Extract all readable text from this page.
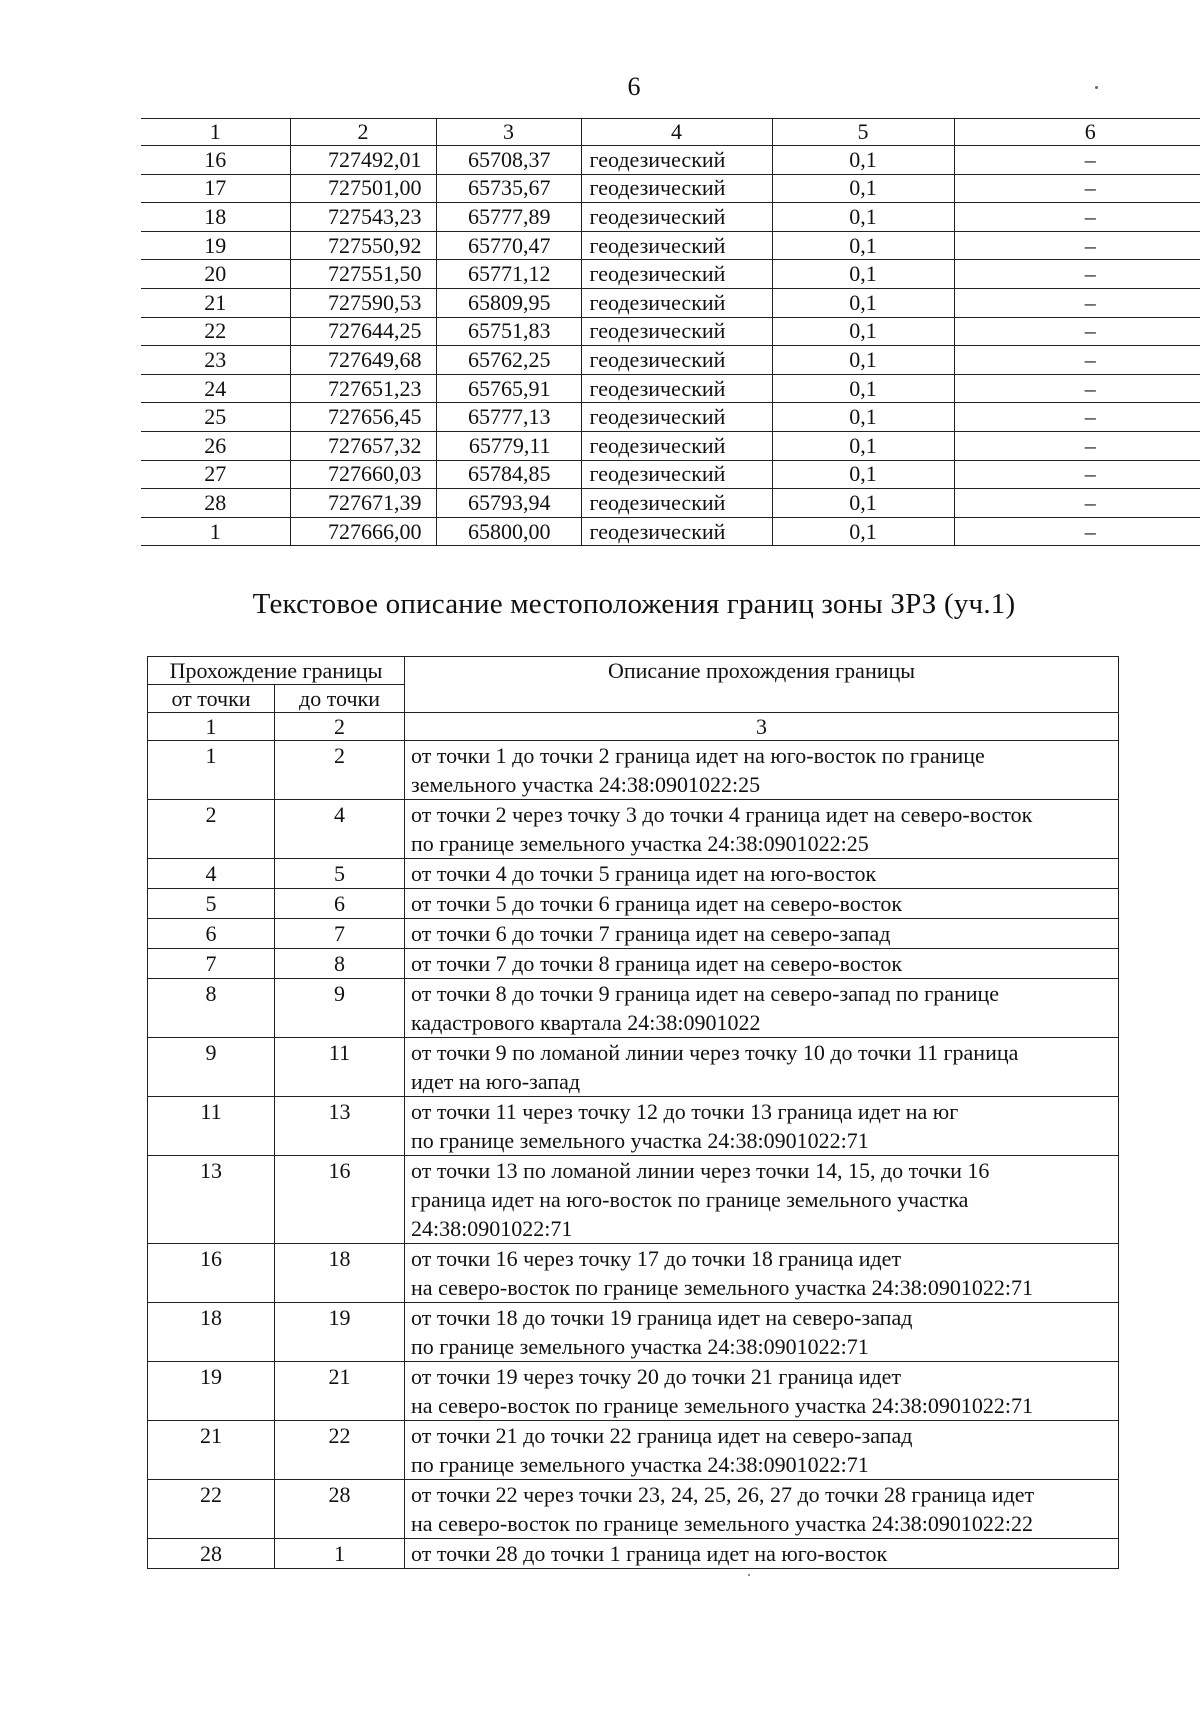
6
1	2	3	4	5	6
16	727492,01	65708,37	геодезический	0,1	–
17	727501,00	65735,67	геодезический	0,1	–
18	727543,23	65777,89	геодезический	0,1	–
19	727550,92	65770,47	геодезический	0,1	–
20	727551,50	65771,12	геодезический	0,1	–
21	727590,53	65809,95	геодезический	0,1	–
22	727644,25	65751,83	геодезический	0,1	–
23	727649,68	65762,25	геодезический	0,1	–
24	727651,23	65765,91	геодезический	0,1	–
25	727656,45	65777,13	геодезический	0,1	–
26	727657,32	65779,11	геодезический	0,1	–
27	727660,03	65784,85	геодезический	0,1	–
28	727671,39	65793,94	геодезический	0,1	–
1	727666,00	65800,00	геодезический	0,1	–
Текстовое описание местоположения границ зоны ЗРЗ (уч.1)
Прохождение границы		Описание прохождения границы
от точки	до точки	
1	2	3
1	2	от точки 1 до точки 2 граница идет на юго-восток по границе
земельного участка 24:38:0901022:25

2	4	от точки 2 через точку 3 до точки 4 граница идет на северо-восток
по границе земельного участка 24:38:0901022:25

4	5	от точки 4 до точки 5 граница идет на юго-восток

5	6	от точки 5 до точки 6 граница идет на северо-восток

6	7	от точки 6 до точки 7 граница идет на северо-запад

7	8	от точки 7 до точки 8 граница идет на северо-восток

8	9	от точки 8 до точки 9 граница идет на северо-запад по границе
кадастрового квартала 24:38:0901022

9	11	от точки 9 по ломаной линии через точку 10 до точки 11 граница
идет на юго-запад

11	13	от точки 11 через точку 12 до точки 13 граница идет на юг
по границе земельного участка 24:38:0901022:71

13	16	от точки 13 по ломаной линии через точки 14, 15, до точки 16
граница идет на юго-восток по границе земельного участка
24:38:0901022:71

16	18	от точки 16 через точку 17 до точки 18 граница идет
на северо-восток по границе земельного участка 24:38:0901022:71

18	19	от точки 18 до точки 19 граница идет на северо-запад
по границе земельного участка 24:38:0901022:71

19	21	от точки 19 через точку 20 до точки 21 граница идет
на северо-восток по границе земельного участка 24:38:0901022:71

21	22	от точки 21 до точки 22 граница идет на северо-запад
по границе земельного участка 24:38:0901022:71

22	28	от точки 22 через точки 23, 24, 25, 26, 27 до точки 28 граница идет
на северо-восток по границе земельного участка 24:38:0901022:22

28	1	от точки 28 до точки 1 граница идет на юго-восток
